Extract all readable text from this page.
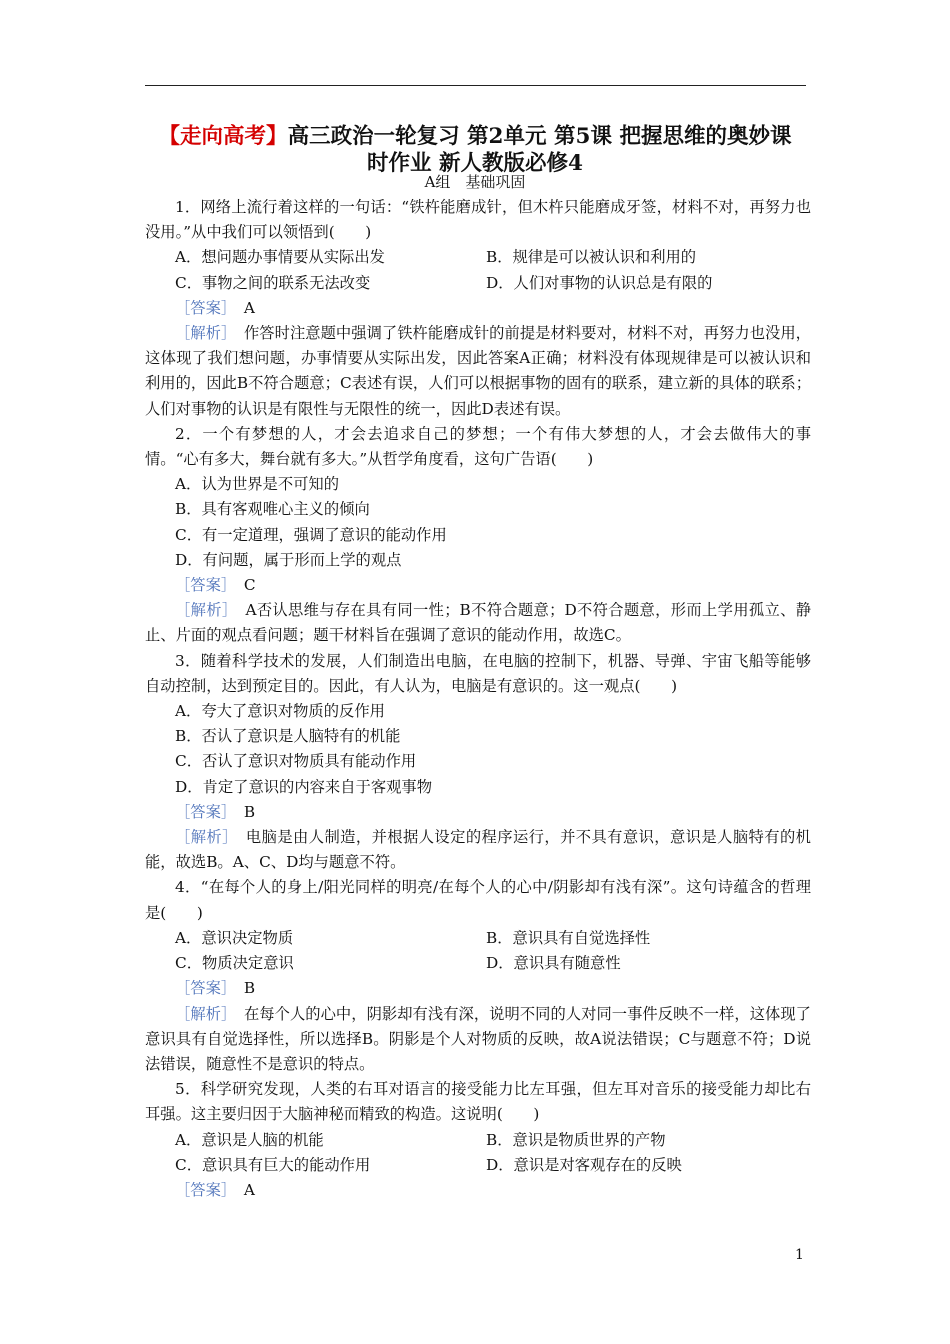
【走向高考】高三政治一轮复习 第2单元 第5课 把握思维的奥妙课
时作业 新人教版必修4
A组　基础巩固
1．网络上流行着这样的一句话：“铁杵能磨成针，但木杵只能磨成牙签，材料不对，再努力也没用。”从中我们可以领悟到(　　)
A．想问题办事情要从实际出发	B．规律是可以被认识和利用的
C．事物之间的联系无法改变	D．人们对事物的认识总是有限的
［答案］　 A
［解析］　 作答时注意题中强调了铁杵能磨成针的前提是材料要对，材料不对，再努力也没用，这体现了我们想问题，办事情要从实际出发，因此答案A正确；材料没有体现规律是可以被认识和利用的，因此B不符合题意；C表述有误，人们可以根据事物的固有的联系，建立新的具体的联系；人们对事物的认识是有限性与无限性的统一，因此D表述有误。
2．一个有梦想的人，才会去追求自己的梦想；一个有伟大梦想的人，才会去做伟大的事情。“心有多大，舞台就有多大。”从哲学角度看，这句广告语(　　)
A．认为世界是不可知的
B．具有客观唯心主义的倾向
C．有一定道理，强调了意识的能动作用
D．有问题，属于形而上学的观点
［答案］　 C
［解析］　 A否认思维与存在具有同一性；B不符合题意；D不符合题意，形而上学用孤立、静止、片面的观点看问题；题干材料旨在强调了意识的能动作用，故选C。
3．随着科学技术的发展，人们制造出电脑，在电脑的控制下，机器、导弹、宇宙飞船等能够自动控制，达到预定目的。因此，有人认为，电脑是有意识的。这一观点(　　)
A．夸大了意识对物质的反作用
B．否认了意识是人脑特有的机能
C．否认了意识对物质具有能动作用
D．肯定了意识的内容来自于客观事物
［答案］　 B
［解析］　 电脑是由人制造，并根据人设定的程序运行，并不具有意识，意识是人脑特有的机能，故选B。A、C、D均与题意不符。
4．“在每个人的身上/阳光同样的明亮/在每个人的心中/阴影却有浅有深”。这句诗蕴含的哲理是(　　)
A．意识决定物质	B．意识具有自觉选择性
C．物质决定意识	D．意识具有随意性
［答案］　 B
［解析］　 在每个人的心中，阴影却有浅有深，说明不同的人对同一事件反映不一样，这体现了意识具有自觉选择性，所以选择B。阴影是个人对物质的反映，故A说法错误；C与题意不符；D说法错误，随意性不是意识的特点。
5．科学研究发现，人类的右耳对语言的接受能力比左耳强，但左耳对音乐的接受能力却比右耳强。这主要归因于大脑神秘而精致的构造。这说明(　　)
A．意识是人脑的机能	B．意识是物质世界的产物
C．意识具有巨大的能动作用	D．意识是对客观存在的反映
［答案］　 A
1
